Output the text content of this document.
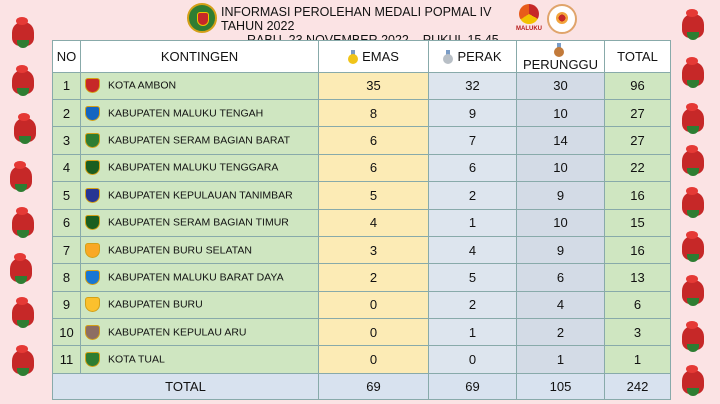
INFORMASI PEROLEHAN MEDALI POPMAL IV TAHUN 2022	MALUKU
NO	KONTINGEN	EMAS	PERAK	PERUNGGU	TOTAL
1	KOTA AMBON	35	32	30	96
2	KABUPATEN MALUKU TENGAH	8	9	10	27
3	KABUPATEN SERAM BAGIAN BARAT	6	7	14	27
4	KABUPATEN MALUKU TENGGARA	6	6	10	22
5	KABUPATEN KEPULAUAN TANIMBAR	5	2	9	16
6	KABUPATEN SERAM BAGIAN TIMUR	4	1	10	15
7	KABUPATEN BURU SELATAN	3	4	9	16
8	KABUPATEN MALUKU BARAT DAYA	2	5	6	13
9	KABUPATEN BURU	0	2	4	6
10	KABUPATEN KEPULAU ARU	0	1	2	3
11	KOTA TUAL	0	0	1	1
TOTAL		69	69	105	242
